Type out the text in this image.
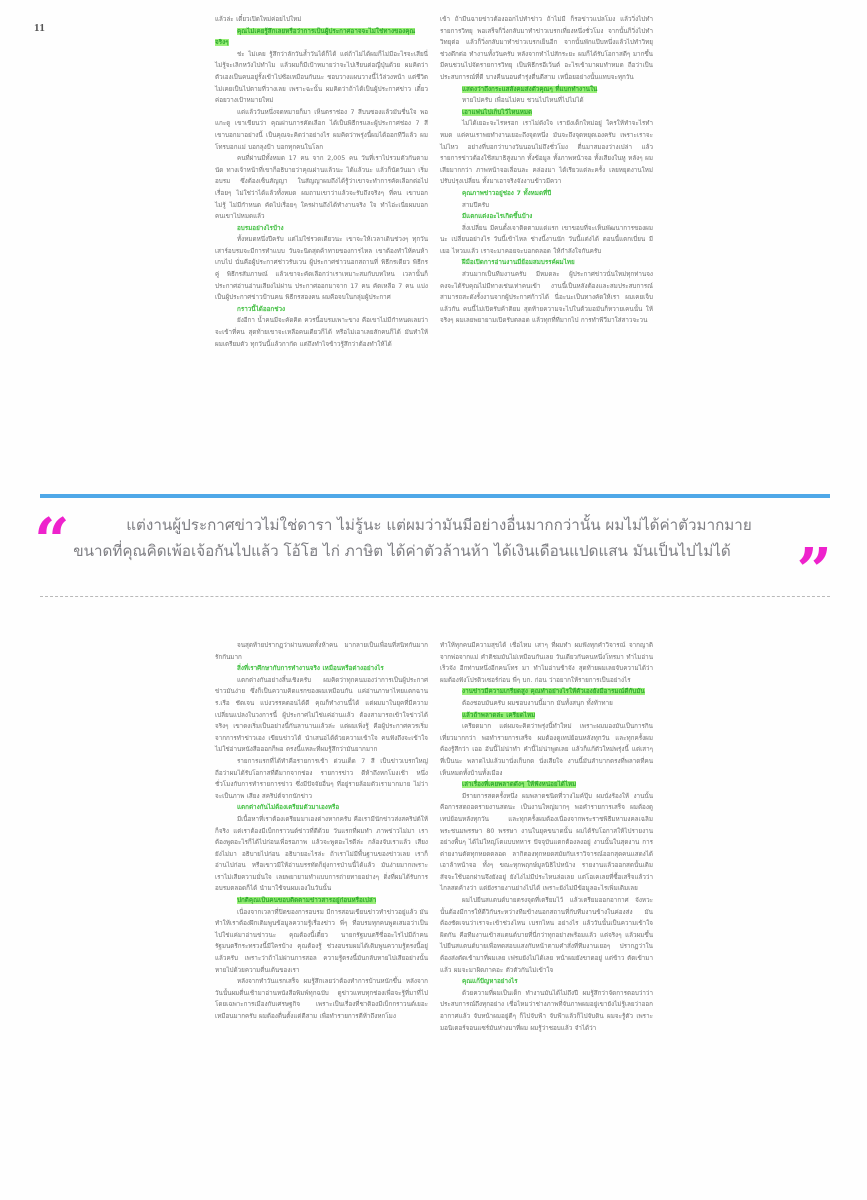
11

แล้วล่ะ เดี๋ยวเปิดใหม่ค่อยไปใหม่

คุณไม่เคยรู้สึกเลยหรือว่าการเป็นผู้ประกาศอาจจะไม่ใช่ทางของคุณจริงๆ

ช่ะ ไม่เคย รู้สึกว่าลักวันล้ำวันได้ก็ได้ แต่ถ้าไม่ได้ผมก็ไม่มีอะไรจะเสียนี่ ไม่รู้จะเลิกหวังไปทำไม แล้วผมก็มีเป้าหมายว่าจะไปเรียนต่อญี่ปุ่นด้วย ผมคิดว่าตัวเองเป็นคนอยู่รั้งเข้าไปซ้อเหมือนกันนะ ชอบวางแผนวางนี้ไว้ล่วงหน้า แต่ชีวิตไม่เคยเป็นไปตามที่วางเลย เพราะฉะนั้น ผมคิดว่าถ้าได้เป็นผู้ประกาศข่าว เดี๋ยวค่อยวางเป้าหมายใหม่

แต่แล้ววันหนึ่งจดหมายก็มา เห็นตราช่อง 7 สีบนซองแล้วมันชื่นใจ พอแกะดู เขาเขียนว่า คุณผ่านการคัดเลือก ได้เป็นพิธีกรและผู้ประกาศช่อง 7 สี เขาบอกมาอย่างนี้ เป็นคุณจะคิดว่าอย่างไร ผมคิดว่าพรุ่งนี้ผมได้ออกทีวีแล้ว ผมโทรบอกแม่ บอกลุงป้า บอกทุกคนในโลก

คนที่ผ่านมีทั้งหมด 17 คน จาก 2,005 คน วันที่เราไปรวมตัวกันตามนัด ทางเจ้าหน้าที่เขาก็อธิบายว่าคุณผ่านแล้วนะ ได้แล้วนะ แล้วก็นัดวันมา เริ่มอบรม ซึ่งต้องเซ็นสัญญา ในสัญญาผมถึงได้รู้ว่าเขาจะทำการคัดเลือกต่อไปเรื่อยๆ ไม่ใช่ว่าได้แล้วทั้งหมด ผมถามเขาว่าแล้วจะรับถึงจริงๆ ที่คน เขาบอกไม่รู้ ไม่มีกำหนด คัดไปเรื่อยๆ ใครผ่านถึงได้ทำงานจริง ใจ ทำไอ่ะเนี่ยผมบอกคนเขาไปหมดแล้ว

อบรมอย่างไรบ้าง

ทั้งหมดหนึ่งปีครับ แต่ไม่ใช่รวดเดียวนะ เขาจะให้เวลาเดินช่วงๆ ทุกวันเสาร์อบรมจะมีการทำแบบ วันจะนิดสุดค้าทายของการไหล เขาต้องทำให้คนห้าเกบไป นั่นคือผู้ประกาศช่าวรับเวน ผู้ประกาศช่าวนอกสถานที่ พิธีกรเดียว พิธีกรคู่ พิธีกรสัมภาษณ์ แล้วเขาจะคัดเลือกว่าเราเหมาะสมกับบทไหน เวลานั้นก็ประกาศอ่านอ่านเสียงไม่ผ่าน ประกาศออกมาจาก 17 คน คัดเหลือ 7 คน แบ่งเป็นผู้ประกาศข่าวป้านคน พิธีกรสองคน ผมคือจบในกลุ่มผู้ประกาศ

กราวนี้ได้ออกช่วง

ยังอีกา น้ำคนมีจะคัดคิด ควรนี้อบรมเพาะขาง คือเขาไม่มีกำหนดเลยว่าจะเข้าที่คน สุดท้ายเขาจะเหลือคนเดียวก็ได้ หรือไม่เอาเลยสักคนก็ได้ มันทำให้ผมเตรียมตัว ทุกวันนี้แล้วกากัด แต่ถึงทำไจข้าวรู้สึกว่าต้องทำให้ได้

เข้า ถ้ามีนฉายข่าวต้องออกไปทำข่าว ถ้าไม่มี ก็รอข่าวแปลโมง แล้ววิ่งไปทำรายการวิทยุ พอเสร็จก็วิ่งกลับมาทำข่าวเบรกเที่ยงหนึ่งชั่วโมง จากนั้นก็วิ่งไปทำวิทยุต่อ แล้วก็วิ่งกลับมาทำข่าวเบรกเย็นอีก จากนั้นพักแป๊บหนึ่งแล้วไปทำวิทยุช่วงดึกต่อ ทำงานทั้งวันครับ หลังจากทำไปสักระยะ ผมก็ได้รับโอกาสดีๆ มากขึ้น มีคนชวนไปจัดรายการวิทยุ เป็นพิธีกรอีเว้นต์ อะไรเข้ามาผมทำหมด ถือว่าเป็นประสบการณ์ที่ดี บางคืนนอนตำรุ่งตื่นตีสาม เหนื่อยอย่างนั้นแทบจะทุกวัน

แสดงว่าถึงกระแสสังคมส่งตัวคุณๆ ที่แบกทำงานใน

หายไปครับ เพื่อนไม่คบ ชวนไปไหนที่ไปไม่ได้

เอาแฟนไปเก็บไว้ไหนหมด

ไม่ได้เยอะจะไรหรอก เราไม่ดังใจ เรายังเด็กใหม่อยู่ ใครให้ทำจะไรทำหมด แต่คนเราพยทำงานเยอะถึงจุดหนึ่ง มันจะถึงจุดหยุดเองครับ เพราะเราจะไม่ไหว อย่างที่บอกว่าบางวันนอนไม่ถึงชั่วโมง ตื่นมาสมองว่างเปล่า แล้วรายการข่าวต้องใช้สมาธิสูงมาก ทั้งข้อมูล ทั้งภาพหน้าจอ ทั้งเสียงในหู หลังๆ ผมเสียมากกว่า ภาพหน้าจอเลื่อนละ คล่องมา ได้เรียวแต่ละครั้ง เลยหยุดงานใหม่ปรับปรุงเปลี่ยน ทั้งมาเอาจริงจังงานข้าวมีควา

คุณภาพข่าวอยู่ช่อง 7 ทั้งหมดที่ปี

สามปีครับ

มีแตกแต่งอะไรเกิดขึ้นบ้าง

สิ่งเปลี่ยน มีคนตั้งเจาติดตามแต่แรก เขาขอบที่จะเห็นพัฒนาการของผมนะ เปลี่ยนอย่างไร วันนี้เข้าไหล ช่างนี้งานนัก วันนี้แต่งได้ ตอนนี้แตกเบี่ยน มีเยอ ไหวมแล้ว เราจะมาคอยจะบอกตลอด ให้กำลังใจกันครับ

ฝีมือเปิดการอ่านงานมีย้อมสมบรรค์ผมไทย

ส่วนมากเป็นทีมงานครับ มีหมดละ ผู้ประกาศข่าวนั่นใหม่ทุกท่านจงคงจะได้รับคุณไม่มีทางเช่นเท่าคนเข้า งานนี้เป็นหลังต้องและสมประสบการณ์ สามารถสะดังรั้งงานจากผู้ประกาศก้าวได้ นี่อะนะเป็นทางคัดให้เรา ผมเคยเจ็บแล้วกัน คนนี้ไม่เปิดรับค้าติยม สุดท้ายความจะไปในต้วมอมันก็หวายเคนนั้น ให้จริงๆ ผมเลยพยายามเปิดรับตลอด แล้วทุกที่ทีมากไป การทำพีวีมาใส่สาวจะวน

“	แต่งานผู้ประกาศข่าวไม่ใช่ดารา ไม่รู้นะ แต่ผมว่ามันมีอย่างอื่นมากกว่านั้น ผมไม่ได้ค่าตัวมากมาย
ขนาดที่คุณคิดเพ้อเจ้อกันไปแล้ว โอ้โฮ ไก่ ภาษิต ได้ค่าตัวล้านห้า ได้เงินเดือนแปดแสน มันเป็นไปไม่ได้	”

จนสุดท้ายปรากฏว่าผ่านหมดทั้งห้าคน มากลายเป็นเพื่อนที่สนิทกันมากรักกันมาก

สิ่งที่เราศึกษากับการทำงานจริง เหมือนหรือต่างอย่างไร

แตกต่างกันอย่างสิ้นเชิงครับ ผมคิดว่าทุกคนมองว่าการเป็นผู้ประกาศข่าวมันง่าย ซึ่งก็เป็นความคิดแรกของผมเหมือนกัน แค่อ่านภาษาไทยแตกฉานร.เรือ ชัดเจน แบ่งวรรคตอนได้ดี คุณก็ทำงานนี้ได้ แต่ผมมาในยุคที่มีความเปลี่ยนแปลงในวงการนี้ ผู้ประกาศไม่ใช่แค่อ่านแล้ว ต้องสามารถเข้าใจข่าวได้ จริงๆ เขาดงเริ่มเป็นอย่างนี้กันลานานแล้วล่ะ แต่ผมเพิ่งรู้ คือผู้ประกาศควรเริ่มจากการทำข่าวเอง เขียนข่าวได้ นำเสนอได้ด้วยความเข้าใจ คนฟังถึงจะเข้าใจ ไม่ใช่อ่านหนังสือออกก็พอ ตรงนี้แหละที่ผมรู้สึกว่ามันยากมาก

รายการแรกที่ได้ทำคือรายการเช้า ด่วนเด็ด 7 สี เป็นข่าวเบรกใหญ่ถือว่าผมได้รับโอกาสที่ดีมากจากช่อง รายการข่าว ดีห้าถึงหกโมงเช้า หนึ่งชั่วโมงกับการทำรายการข่าว ซึ่งมีปัจจัยอื่นๆ ที่อยู่รายล้อมตัวเรามากมาย ไม่ว่าจะเป็นภาพ เสียง สคริปต์จากนักข่าว

แตกต่างกันไม่ต้องเตรียมตัวมาเองหรือ

มีเนื้อหาที่เราต้องเตรียมมาเองต่างหากครับ คือเรามีนักข่าวส่งสคริปต์ให้ก็จริง แต่เราต้องมีเบ็กกราวนด์ข่าวที่ดีด้วย วันแรกที่ผมทำ ภาพข่าวไม่มา เราต้องพูดอะไรก็ได้ไปก่อนเพื่อรอภาพ แล้วจะพูดอะไรดีล่ะ กล้องจับเราแล้ว เสียงยังไม่มา อธิบายไปก่อน อธิบายอะไรล่ะ ถ้าเราไม่มีพื้นฐานของข่าวเลย เราก็อ่านไปก่อน หรือเขาวมีให้อ่านบรรทัดก็ยุ่งการป่านนี้ได้แล้ว มันง่ายมากเพราะเราไม่เสียความมั่นใจ เลยพยายามทำแบบการถ่ายทายอย่างๆ ดิ่งที่ผมได้รับการอบรมตลอดก็ได้ นำมาใช้จนผมเองในวันนั้น

ปกติคุณเป็นคนขอบติดตามข่าวสารอยู่ก่อนหรือเปล่า

เนื่องจากเวลาที่ปิดของการอบรม มีการสอนเขียนข่าวทำข่าวอยู่แล้ว มันทำให้เราต้องฝึกเติมพูนข้อมูลความรู้เรื่องข่าว พี่ๆ ที่อบรมทุกคนพูดเสมอว่าเป็นไปใช่แค่มาอ่านข่าวนะ คุณต้องนี้เดี๋ยว นายกรัฐมนตรีชื่ออะไรไปมีถ้าคนรัฐมนตรีกระทรวงนี้มีใครบ้าง คุณต้องรู้ ช่วงอบรมผมได้เติมพูนความรู้ตรงนี้อยู่แล้วครับ เพราะว่าถ้าไม่ผ่านการสอล ความรู้ตรงนี้มันกลับหายไปเสียอย่างนั้นหายไปด้วยความตื่นเต้นของเรา

หลังจากทำวันแรกเสร็จ ผมรู้สึกเลยว่าต้องทำการบ้านหนักขึ้น หลังจากวันนั้นผมตื่นเช้ามาอ่านหนังสือพิมพ์ทุกฉบับ ดูข่าวแทบทุกช่องเพื่อจะรู้ที่มาที่ไป โดยเฉพาะการเมืองกับเศรษฐกิจ เพราะเป็นเรื่องที่ชาติองมีเบ็กกราวนด์เยอะเหมือนมากครับ ผมต้องตื่นตั้งแต่ตีสาม เพื่อทำรายการตีห้าถึงหกโมง

ทำให้ทุกคนมีความสุขได้ เชื่อไหม เสาๆ ที่ผมทำ ผมฟังทุกคำวิจารณ์ จากญาติจากพ่อจากแม่ คำติชมมันไม่เหมือนกันเลย วันเดียวกันคนหนึ่งโทรมา ทำไมอ่านเร็วจัง อีกท่านหนึ่งอีกคนโทร มา ทำไมอ่านช้าจัง สุดท้ายผมเลยจับความได้ว่าผมต้องฟังโปรดิวเซอร์ก่อน พี่ๆ บก. ก่อน ว่าอยากให้รายการเป็นอย่างไร

งานข่าวมีความเกรียดสูง คุณทำอย่างไรให้ตัวเองยังมีอารมณ์ดีกับมัน

ต้องชอบมันครับ ผมชอบงานนี้มาก มันทั้งสนุก ทั้งท้าทาย

แล้วถ้าพลาดล่ะ เครียดไหม

เครียดมาก แต่ผมจะคิดว่าพรุ่งนี้ทำใหม่ เพราะผมมองมันเป็นการกินเที่ยวมากกว่า พอทำรายการเสร็จ ผมต้องดูเทปย้อนหลังทุกวัน และทุกครั้งผมต้องรู้สึกว่า เออ อันนี้ไม่น่าทำ คำนี้ไม่น่าพูดเลย แล้วก็แก้ตัวใหม่พรุ่งนี้ แต่เสาๆ ที่เป็นนะ พลาดไปแล้วมานั่งเก็บกด นั่งเสียใจ งานนี้มันลำบากตรงที่พลาดที่คนเห็นหมดทั้งบ้านทั้งเมือง

เล่าเรื่องที่เคยพลาดดังๆ ให้ฟังหน่อยได้ไหม

มีรายการสดครั้งหนึ่ง ผมพลาดชนิดที่วางไมค์ปุ๊บ ผมนั่งร้องให้ งานนั้นคือการสดถอดรายงานสดนะ เป็นงานใหญ่มากๆ พอคำรายการเสร็จ ผมต้องดูเทปย้อนหลังทุกวัน และทุกครั้งผมต้องเนื่องจากพระราชพิธีมหามงคลเฉลิมพระชนมพรรษา 80 พรรษา งานในยุคขนาดนั้น ผมได้รับโอกาสให้ไปรายงานอย่างพื้นๆ ได้ไม่ใหญ่โตแบบทหาร ปัจจุบันแตกต้องลงอยู่ งานนั้นในสุดงาน การต่ายงานตัดทุกหยดตลอด ลากิตองทุกหยดสมัยกับเราวิจารณ์ออกสุดคนแสดงได้เอาล้าหน้าจอ ทั้งๆ ขณะทุกพฤกษ์มูลนิธิไปหน้าง รายงานแล้วออกสดนั้นเติมสัจจะใช้บอกผ่านจึงยังอยู่ ยังไงไม่มีประไหนล่อเลย แต่โอเคเลยที่ซื้อเสร็จแล้วว่าไกลสดค้างว่า แต่ยังรายงานย่างไปได้ เพราะยังไม่มีข้อมูลอะไรเพิ่มเติมเลย

ผมไปยืนสแตนด์บายตรงจุดที่เตรียมไว้ แล้วเตรียมออกอากาศ จังหวะนั้นต้องมีการให้ดีวิกันระหว่างทีมข้างนอกสถานที่กับทีมงานข้างในค่องส่ง มันต้องชัดเจนว่าเราจะเข้าช่วงไหน เบรกไหน อย่างไร แล้ววันนั้นเป็นความเข้าใจผิดกัน คือทีมงานเข้าสแตนด์บายที่นี่กว่าทุกอย่างพร้อมแล้ว แต่จริงๆ แล้วผมขึ้นไปยืนสแตนด์บายเพื่อทดสอบแสงกับหน้าตามคำสั่งที่ทีมงานเยอๆ ปรากฏว่าในต้องส่งตัดเข้ามาที่ผมเลย เฟรมยังไม่ได้เลย หน้าผมยังขาดอยู่ แต่ข้าว ตัดเข้ามาแล้ว ผมจะมาผิดภาคอะ ตัวตัวกันไม่เข้าใจ

คุณแก้ปัญหาอย่างไร

ด้วยความที่ผมเป็นเด็ก ทำงานมันได้ไม่ถึงปี ผมรู้สึกว่าจัดการตอบว่าว่าประสบการณ์ถึงทุกอย่าง เชื่อไหมว่าช่างภาพที่จับภาพผมอยู่เขายังไม่รู้เลยว่าออกอากาศแล้ว จับหน้าผมอยู่ดีๆ ก็ไปจับฟ้า จับฟ้าแล้วก็ไปจับดิน ผมจะรู้ตัว เพราะมอนิเตอร์จอนแซร์มันห่างมาที่ผม ผมรู้ว่าชอบแล้ว จำได้ว่า
